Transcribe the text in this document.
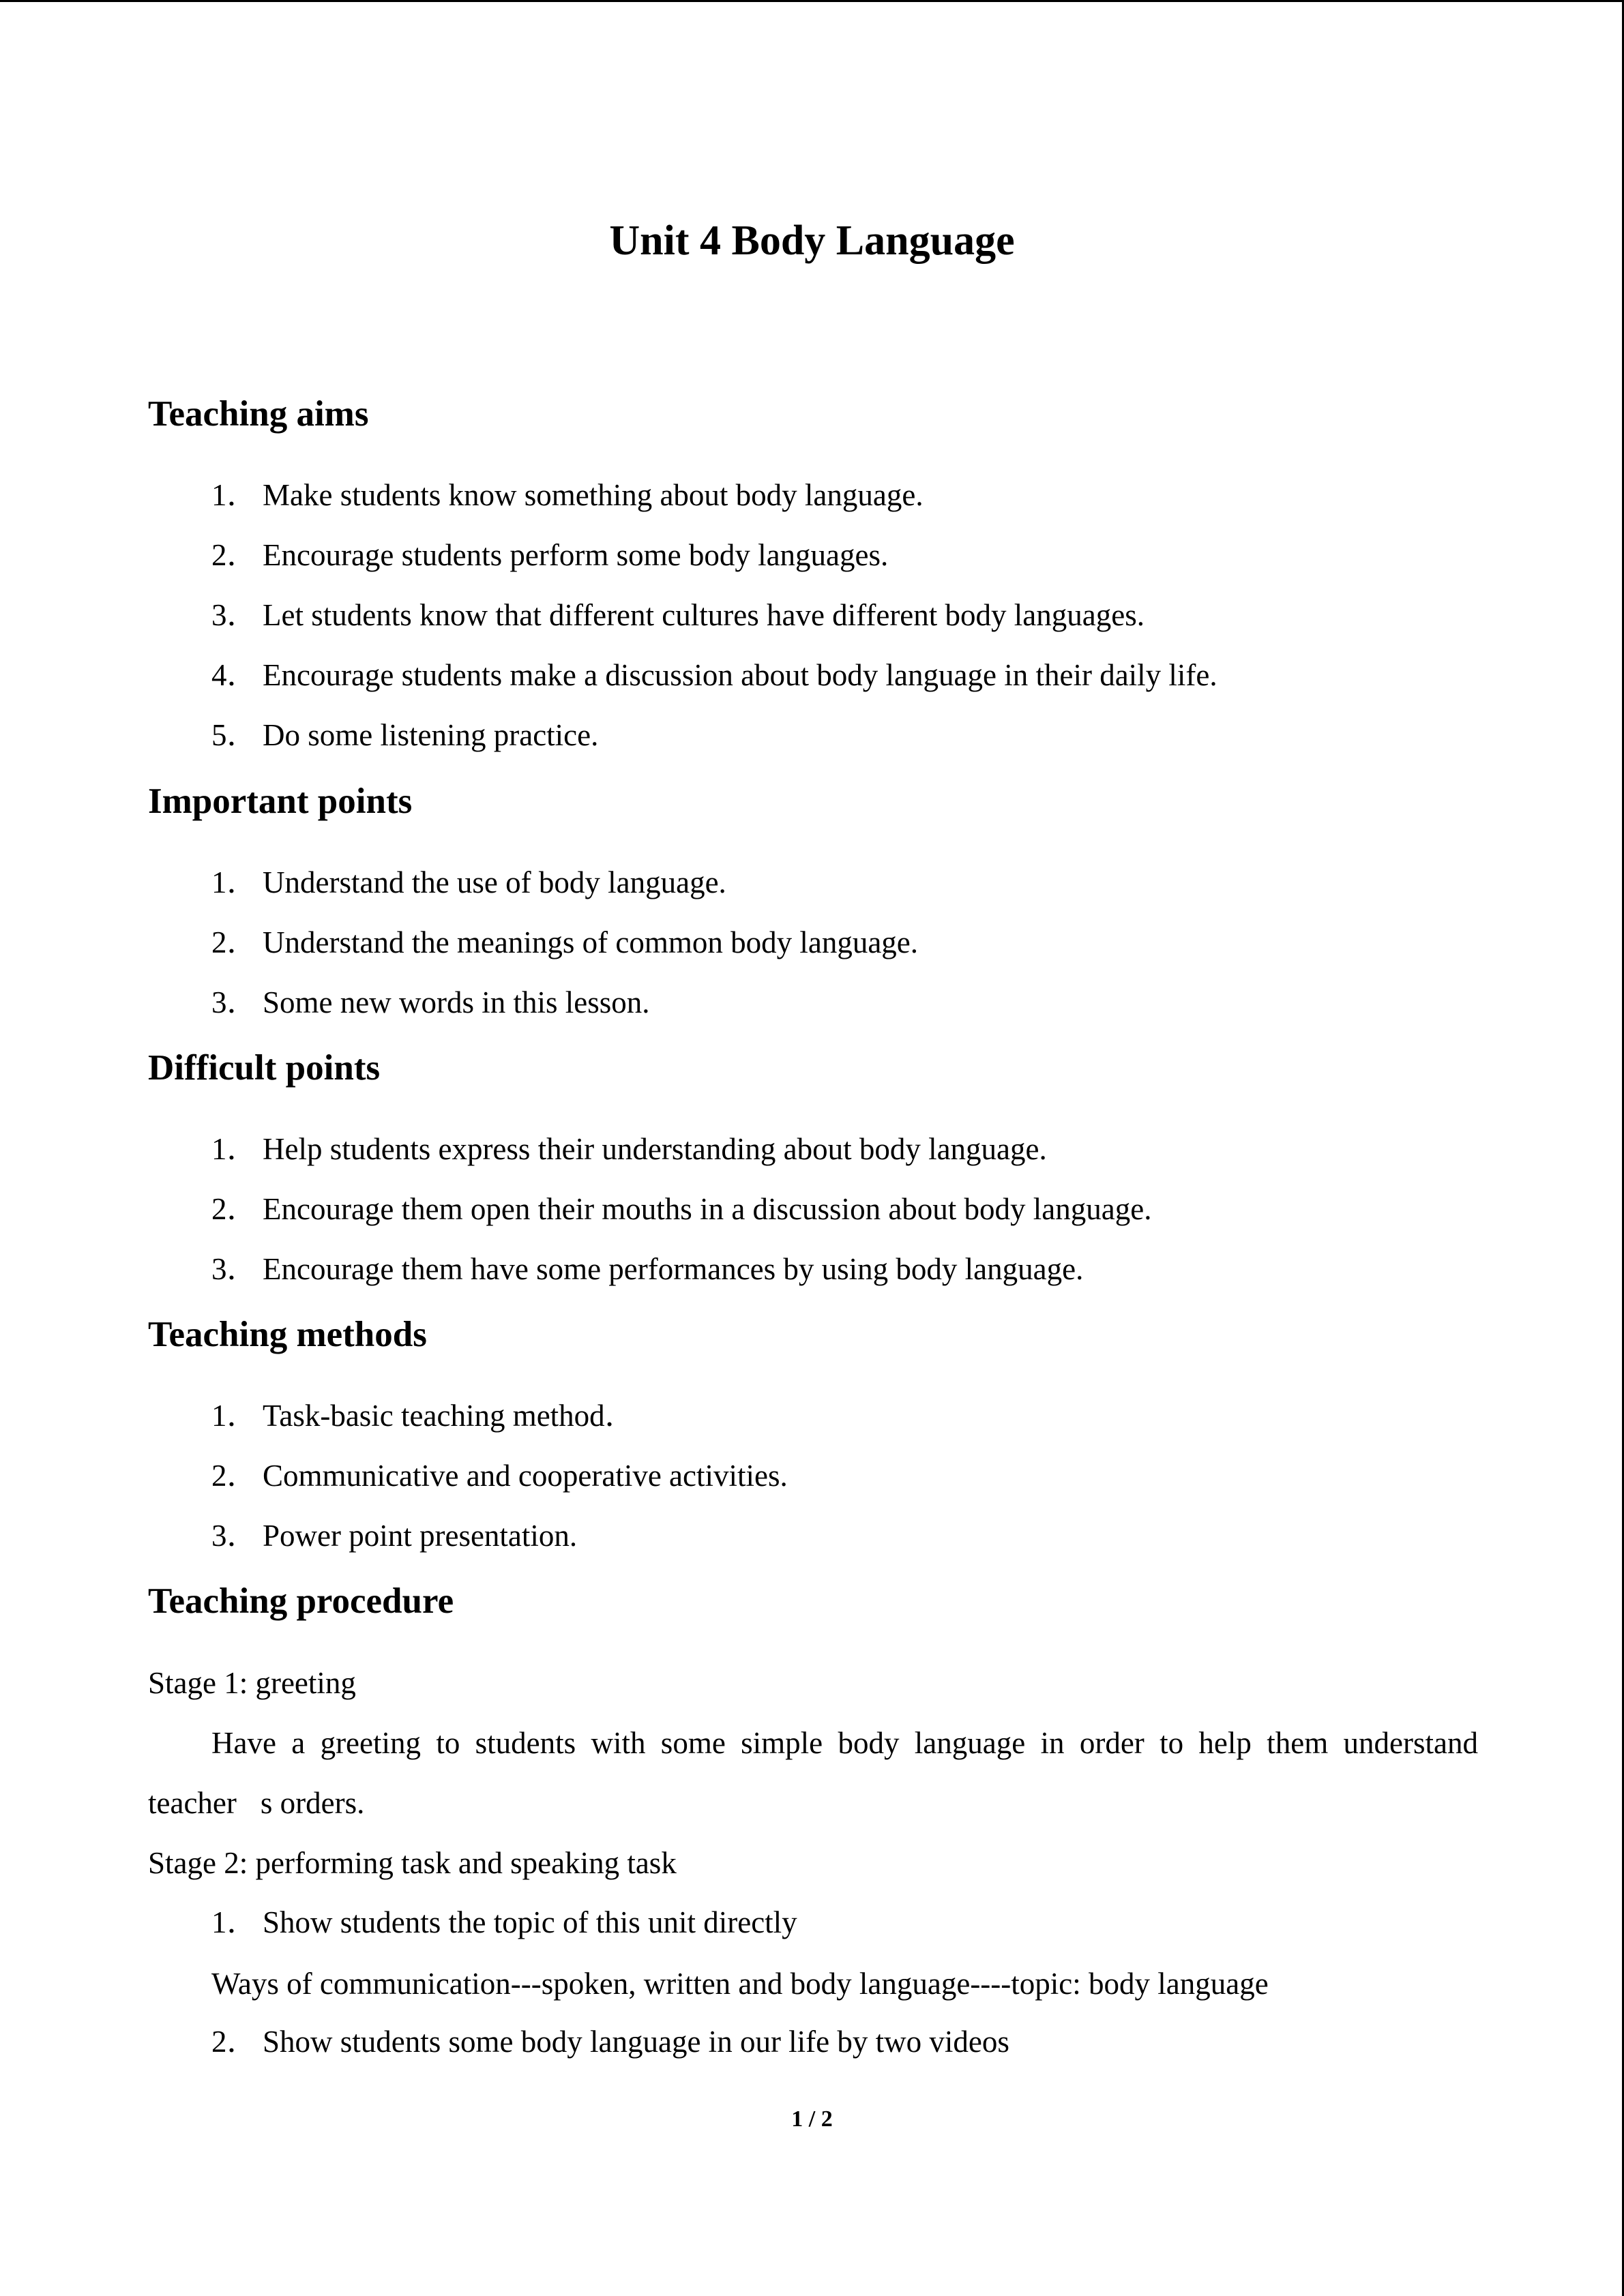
Unit 4 Body Language
Teaching aims
1． Make students know something about body language.
2． Encourage students perform some body languages.
3． Let students know that different cultures have different body languages.
4． Encourage students make a discussion about body language in their daily life.
5． Do some listening practice.
Important points
1． Understand the use of body language.
2． Understand the meanings of common body language.
3． Some new words in this lesson.
Difficult points
1． Help students express their understanding about body language.
2． Encourage them open their mouths in a discussion about body language.
3． Encourage them have some performances by using body language.
Teaching methods
1． Task-basic teaching method．
2． Communicative and cooperative activities.
3． Power point presentation.
Teaching procedure
Stage 1: greeting
Have a greeting to students with some simple body language in order to help them understand
teacher s orders.
Stage 2: performing task and speaking task
1． Show students the topic of this unit directly
Ways of communication---spoken, written and body language----topic: body language
2． Show students some body language in our life by two videos
1 / 2
